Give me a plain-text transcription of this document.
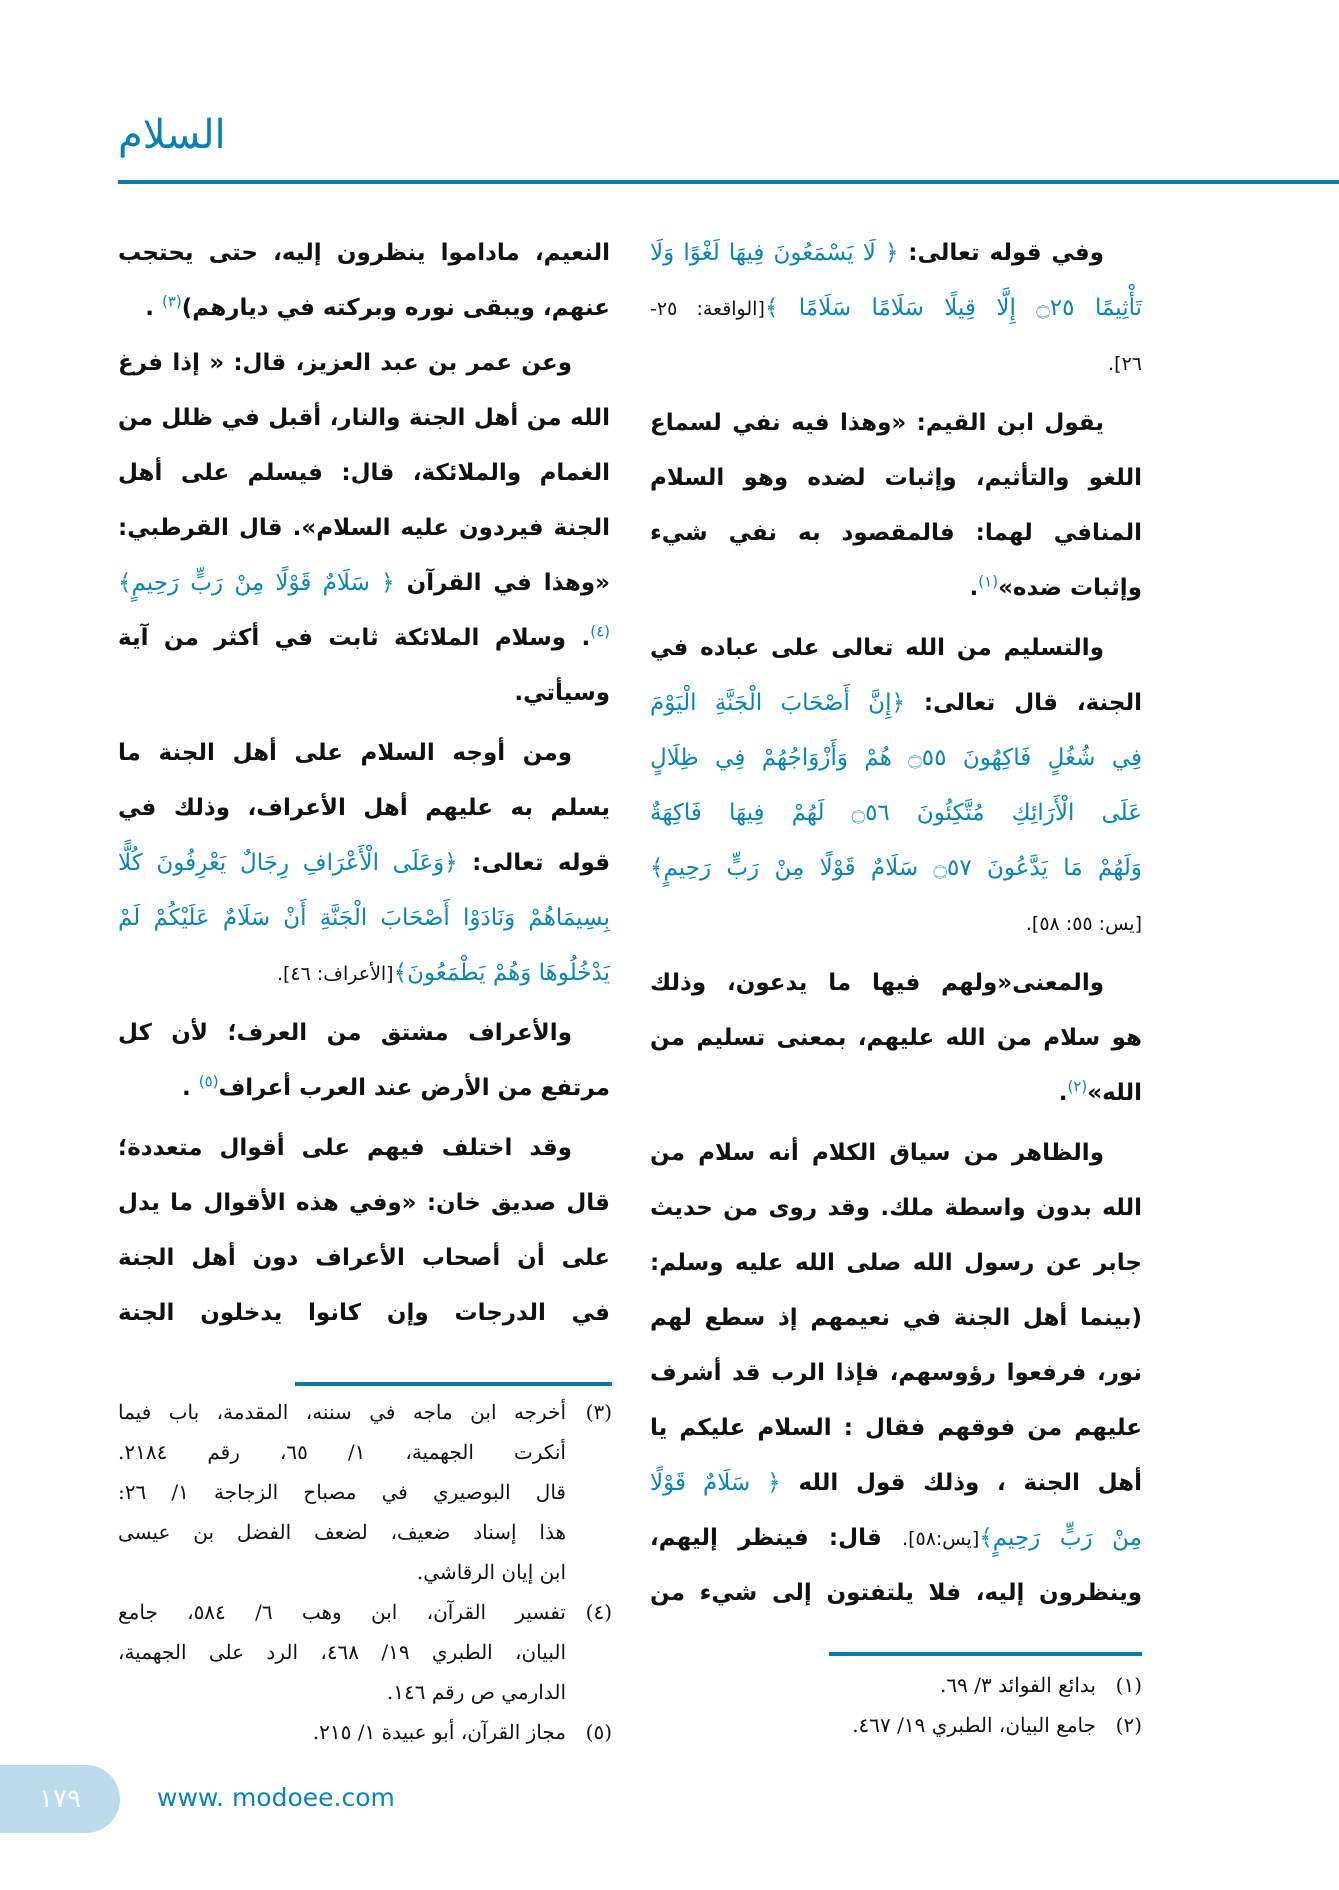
السلام
وفي قوله تعالى: ﴿ لَا يَسْمَعُونَ فِيهَا لَغْوًا وَلَا
تَأْثِيمًا ۝٢٥ إِلَّا قِيلًا سَلَامًا سَلَامًا ﴾[الواقعة: ٢٥-
٢٦].
يقول ابن القيم: «وهذا فيه نفي لسماع
اللغو والتأثيم، وإثبات لضده وهو السلام
المنافي لهما: فالمقصود به نفي شيء
وإثبات ضده»$^{(١)}$.
والتسليم من الله تعالى على عباده في
الجنة، قال تعالى: ﴿إِنَّ أَصْحَابَ الْجَنَّةِ الْيَوْمَ
فِي شُغُلٍ فَاكِهُونَ ۝٥٥ هُمْ وَأَزْوَاجُهُمْ فِي ظِلَالٍ
عَلَى الْأَرَائِكِ مُتَّكِئُونَ ۝٥٦ لَهُمْ فِيهَا فَاكِهَةٌ
وَلَهُمْ مَا يَدَّعُونَ ۝٥٧ سَلَامٌ قَوْلًا مِنْ رَبٍّ رَحِيمٍ﴾
[يس: ٥٥: ٥٨].
والمعنى«ولهم فيها ما يدعون، وذلك
هو سلام من الله عليهم، بمعنى تسليم من
الله»$^{(٢)}$.
والظاهر من سياق الكلام أنه سلام من
الله بدون واسطة ملك. وقد روى من حديث
جابر عن رسول الله صلى الله عليه وسلم:
(بينما أهل الجنة في نعيمهم إذ سطع لهم
نور، فرفعوا رؤوسهم، فإذا الرب قد أشرف
عليهم من فوقهم فقال : السلام عليكم يا
أهل الجنة ، وذلك قول الله ﴿ سَلَامٌ قَوْلًا
مِنْ رَبٍّ رَحِيمٍ﴾[يس:٥٨]. قال: فينظر إليهم،
وينظرون إليه، فلا يلتفتون إلى شيء من
النعيم، ماداموا ينظرون إليه، حتى يحتجب
عنهم، ويبقى نوره وبركته في ديارهم)$^{(٣)}$ .
وعن عمر بن عبد العزيز، قال: « إذا فرغ
الله من أهل الجنة والنار، أقبل في ظلل من
الغمام والملائكة، قال: فيسلم على أهل
الجنة فيردون عليه السلام». قال القرطبي:
«وهذا في القرآن ﴿ سَلَامٌ قَوْلًا مِنْ رَبٍّ رَحِيمٍ﴾
$^{(٤)}$. وسلام الملائكة ثابت في أكثر من آية
وسيأتي.
ومن أوجه السلام على أهل الجنة ما
يسلم به عليهم أهل الأعراف، وذلك في
قوله تعالى: ﴿وَعَلَى الْأَعْرَافِ رِجَالٌ يَعْرِفُونَ كُلًّا
بِسِيمَاهُمْ وَنَادَوْا أَصْحَابَ الْجَنَّةِ أَنْ سَلَامٌ عَلَيْكُمْ لَمْ
يَدْخُلُوهَا وَهُمْ يَطْمَعُونَ﴾[الأعراف: ٤٦].
والأعراف مشتق من العرف؛ لأن كل
مرتفع من الأرض عند العرب أعراف$^{(٥)}$ .
وقد اختلف فيهم على أقوال متعددة؛
قال صديق خان: «وفي هذه الأقوال ما يدل
على أن أصحاب الأعراف دون أهل الجنة
في الدرجات وإن كانوا يدخلون الجنة
(١)
بدائع الفوائد ٣/ ٦٩.
(٢)
جامع البيان، الطبري ١٩/ ٤٦٧.
(٣)
أخرجه ابن ماجه في سننه، المقدمة، باب فيما
أنكرت الجهمية، ١/ ٦٥، رقم ٢١٨٤.
قال البوصيري في مصباح الزجاجة ١/ ٢٦:
هذا إسناد ضعيف، لضعف الفضل بن عيسى
ابن إيان الرقاشي.
(٤)
تفسير القرآن، ابن وهب ٦/ ٥٨٤، جامع
البيان، الطبري ١٩/ ٤٦٨، الرد على الجهمية،
الدارمي ص رقم ١٤٦.
(٥)
مجاز القرآن، أبو عبيدة ١/ ٢١٥.
١٧٩	www. modoee.com
